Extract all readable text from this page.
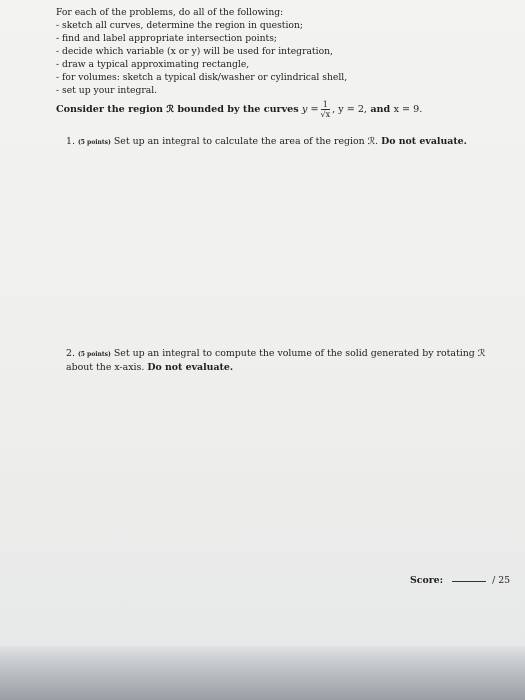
For each of the problems, do all of the following:
- sketch all curves, determine the region in question;
- find and label appropriate intersection points;
- decide which variable (x or y) will be used for integration,
- draw a typical approximating rectangle,
- for volumes: sketch a typical disk/washer or cylindrical shell,
- set up your integral.
Consider the region
ℛ
bounded by the curves
$y = \frac{1}{√x}$ , y = 2,
and
x = 9.
1. (5 points) Set up an integral to calculate the area of the region ℛ. Do not evaluate.
2. (5 points) Set up an integral to compute the volume of the solid generated by rotating ℛ about the x-axis. Do not evaluate.
Score:	/ 25
